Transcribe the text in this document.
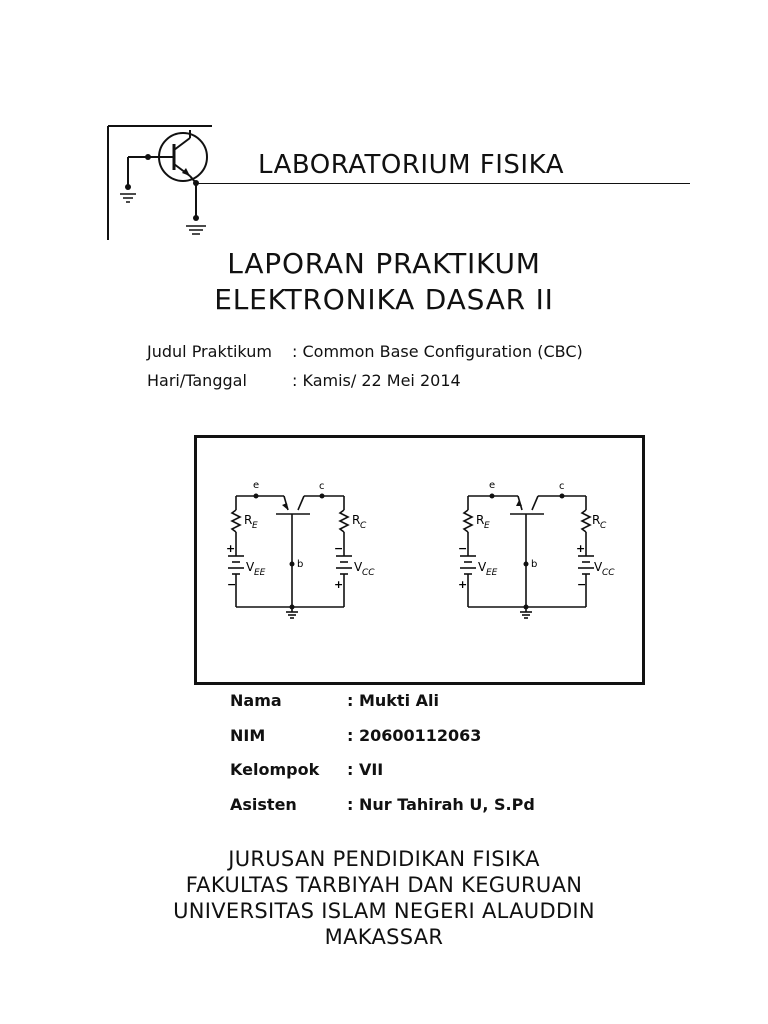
LABORATORIUM FISIKA
LAPORAN PRAKTIKUM
ELEKTRONIKA DASAR II
Judul Praktikum : Common Base Configuration (CBC)
Hari/Tanggal	: Kamis/ 22 Mei 2014
e	c
b
R E	R C
V EE	V CC
+
−
−
+
e	c
b
R E	R C
V EE	V CC
−
+
+
−
Nama	: Mukti Ali
NIM	: 20600112063
Kelompok : VII
Asisten	: Nur Tahirah U, S.Pd
JURUSAN PENDIDIKAN FISIKA
FAKULTAS TARBIYAH DAN KEGURUAN
UNIVERSITAS ISLAM NEGERI ALAUDDIN
MAKASSAR
